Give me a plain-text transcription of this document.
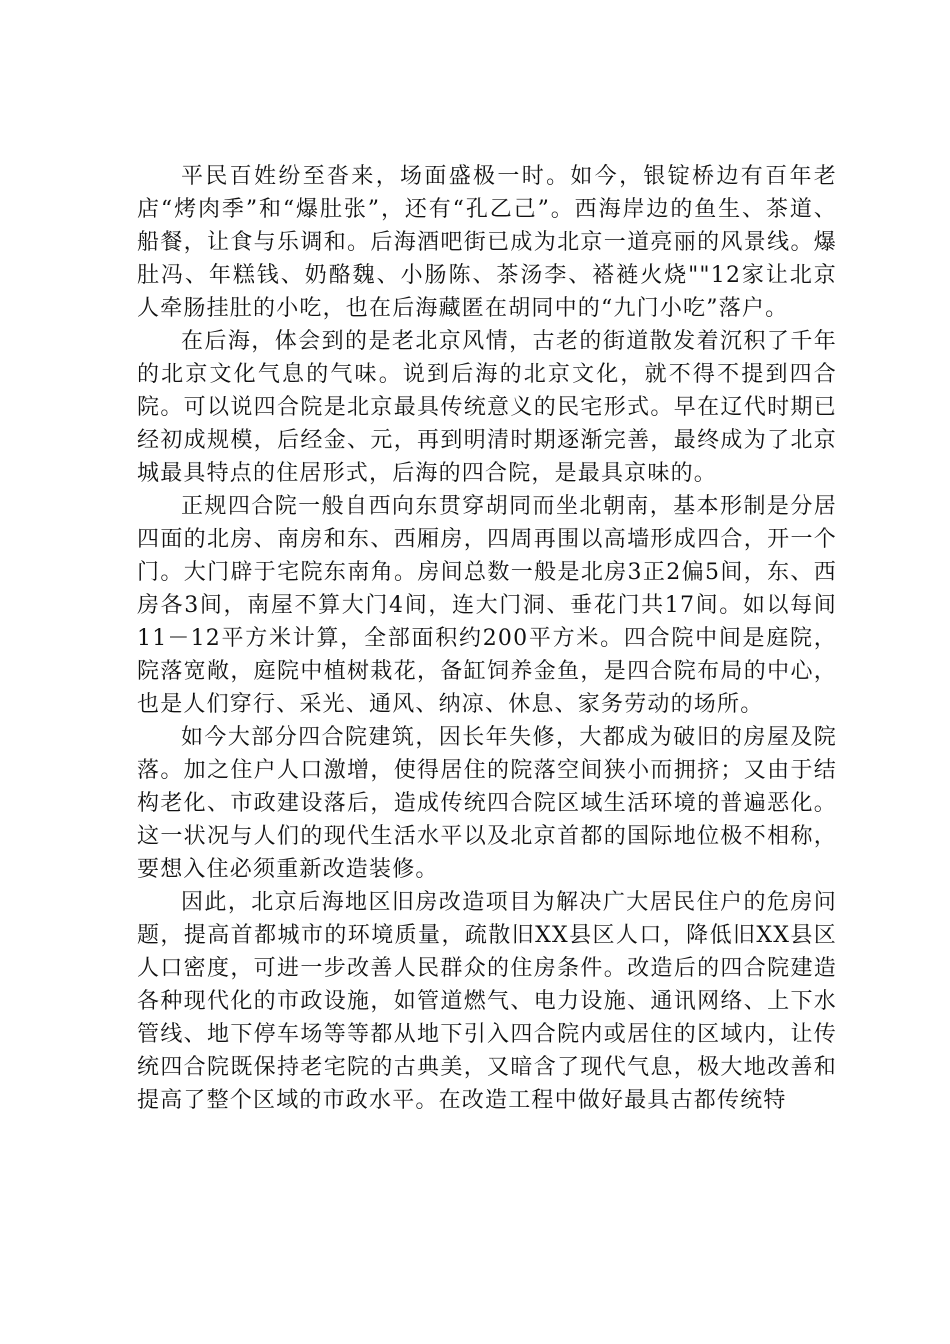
平民百姓纷至沓来，场面盛极一时。如今，银锭桥边有百年老店“烤肉季”和“爆肚张”，还有“孔乙己”。西海岸边的鱼生、茶道、船餐，让食与乐调和。后海酒吧街已成为北京一道亮丽的风景线。爆肚冯、年糕钱、奶酪魏、小肠陈、茶汤李、褡裢火烧""12家让北京人牵肠挂肚的小吃，也在后海藏匿在胡同中的“九门小吃”落户。

在后海，体会到的是老北京风情，古老的街道散发着沉积了千年的北京文化气息的气味。说到后海的北京文化，就不得不提到四合院。可以说四合院是北京最具传统意义的民宅形式。早在辽代时期已经初成规模，后经金、元，再到明清时期逐渐完善，最终成为了北京城最具特点的住居形式，后海的四合院，是最具京味的。

正规四合院一般自西向东贯穿胡同而坐北朝南，基本形制是分居四面的北房、南房和东、西厢房，四周再围以高墙形成四合，开一个门。大门辟于宅院东南角。房间总数一般是北房3正2偏5间，东、西房各3间，南屋不算大门4间，连大门洞、垂花门共17间。如以每间11－12平方米计算，全部面积约200平方米。四合院中间是庭院，院落宽敞，庭院中植树栽花，备缸饲养金鱼，是四合院布局的中心，也是人们穿行、采光、通风、纳凉、休息、家务劳动的场所。

如今大部分四合院建筑，因长年失修，大都成为破旧的房屋及院落。加之住户人口激增，使得居住的院落空间狭小而拥挤；又由于结构老化、市政建设落后，造成传统四合院区域生活环境的普遍恶化。这一状况与人们的现代生活水平以及北京首都的国际地位极不相称，要想入住必须重新改造装修。

因此，北京后海地区旧房改造项目为解决广大居民住户的危房问题，提高首都城市的环境质量，疏散旧XX县区人口，降低旧XX县区人口密度，可进一步改善人民群众的住房条件。改造后的四合院建造各种现代化的市政设施，如管道燃气、电力设施、通讯网络、上下水管线、地下停车场等等都从地下引入四合院内或居住的区域内，让传统四合院既保持老宅院的古典美，又暗含了现代气息，极大地改善和提高了整个区域的市政水平。在改造工程中做好最具古都传统特
